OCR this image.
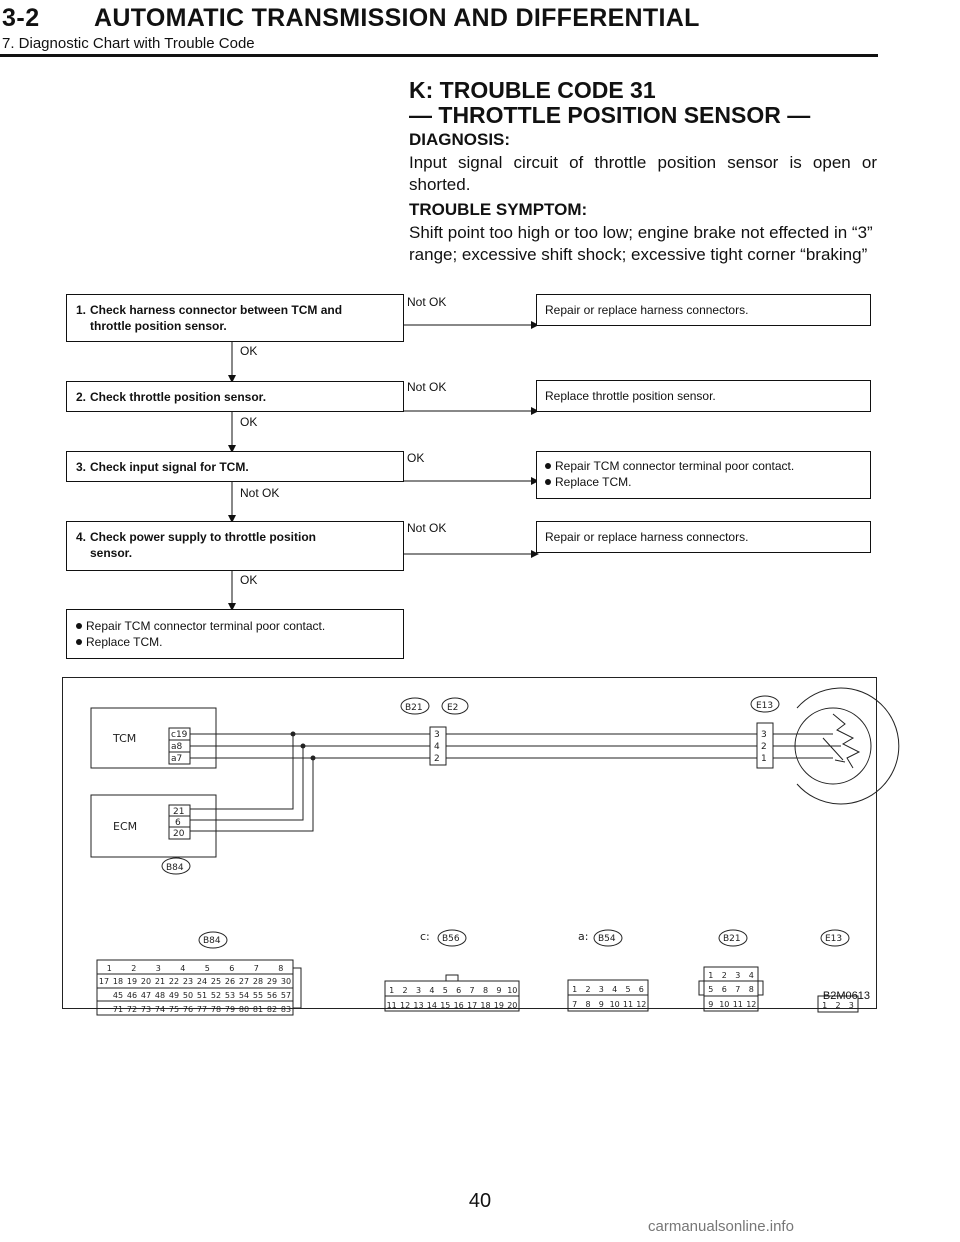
3-2 AUTOMATIC TRANSMISSION AND DIFFERENTIAL
7. Diagnostic Chart with Trouble Code
K: TROUBLE CODE 31
— THROTTLE POSITION SENSOR —
DIAGNOSIS:
Input signal circuit of throttle position sensor is open or shorted.
TROUBLE SYMPTOM:
Shift point too high or too low; engine brake not effected in “3” range; excessive shift shock; excessive tight corner “braking”
1. Check harness connector between TCM and
throttle position sensor.
2. Check throttle position sensor.
3. Check input signal for TCM.
4. Check power supply to throttle position
sensor.
Repair TCM connector terminal poor contact.
Replace TCM.
OK
OK
Not OK
OK
Not OK
Not OK
OK
Not OK
Repair or replace harness connectors.
Replace throttle position sensor.
Repair TCM connector terminal poor contact.
Replace TCM.
Repair or replace harness connectors.
TCM
ECM
c19
a8
a7
21
6
20
3
4
2
3
2
1
B21	E2	E13
B84
B84	c: B56	a: B54	B21	E13
1 2 3 4 5 6 7 8
17 18 19 20 21 22 23 24 25 26 27 28 29 30
45 46 47 48 49 50 51 52 53 54 55 56 57
71 72 73 74 75 76 77 78 79 80 81 82 83
1 2 3 4 5 6 7 8 9 10
11 12 13 14 15 16 17 18 19 20
1 2 3 4 5 6
7 8 9 10 11 12
1 2 3 4
5 6 7 8
9 10 11 12	1 2 3
B2M0613
40
carmanualsonline.info
